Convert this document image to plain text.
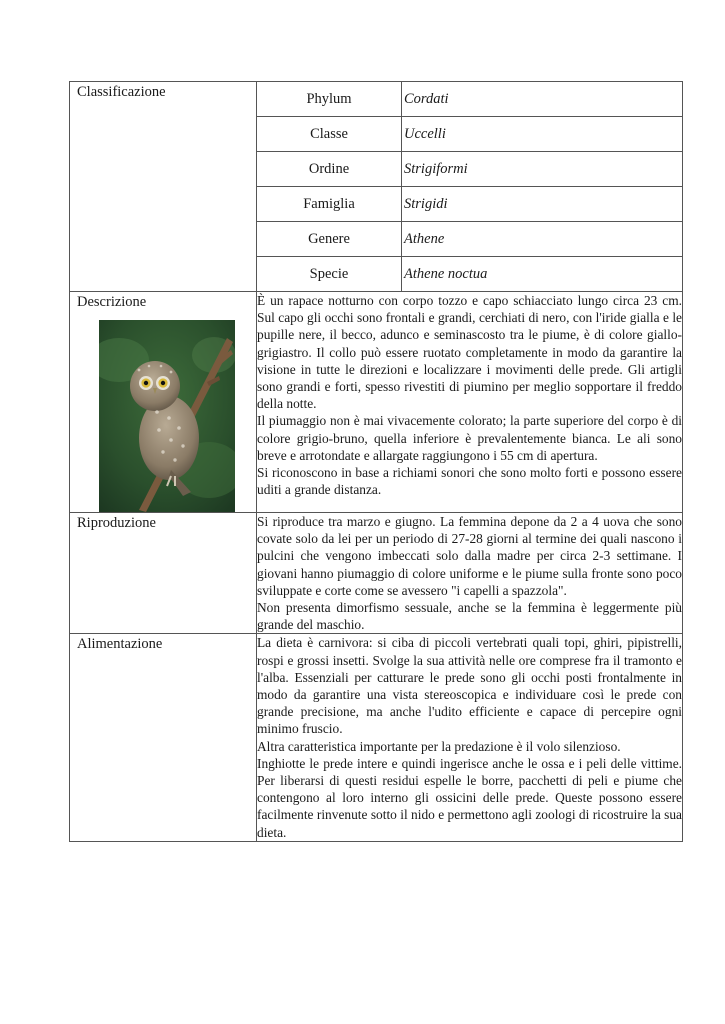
Classificazione		Phylum	Cordati
Classe	Uccelli
Ordine	Strigiformi
Famiglia	Strigidi
Genere	Athene
Specie	Athene noctua

Descrizione	È un rapace notturno con corpo tozzo e capo schiacciato lungo circa 23 cm. Sul capo gli occhi sono frontali e grandi, cerchiati di nero, con l'iride gialla e le pupille nere, il becco, adunco e seminascosto tra le piume, è di colore giallo-grigiastro. Il collo può essere ruotato completamente in modo da garantire la visione in tutte le direzioni e localizzare i movimenti delle prede. Gli artigli sono grandi e forti, spesso rivestiti di piumino per meglio sopportare il freddo della notte.

Il piumaggio non è mai vivacemente colorato; la parte superiore del corpo è di colore grigio-bruno, quella inferiore è prevalentemente bianca. Le ali sono breve e arrotondate e allargate raggiungono i 55 cm di apertura.

Si riconoscono in base a richiami sonori che sono molto forti e possono essere uditi a grande distanza.

Riproduzione	Si riproduce tra marzo e giugno. La femmina depone da 2 a 4 uova che sono covate solo da lei per un periodo di 27-28 giorni al termine dei quali nascono i pulcini che vengono imbeccati solo dalla madre per circa 2-3 settimane. I giovani hanno piumaggio di colore uniforme e le piume sulla fronte sono poco sviluppate e corte come se avessero "i capelli a spazzola".

Non presenta dimorfismo sessuale, anche se la femmina è leggermente più grande del maschio.

Alimentazione	La dieta è carnivora: si ciba di piccoli vertebrati quali topi, ghiri, pipistrelli, rospi e grossi insetti. Svolge la sua attività nelle ore comprese fra il tramonto e l'alba. Essenziali per catturare le prede sono gli occhi posti frontalmente in modo da garantire una vista stereoscopica e individuare così le prede con grande precisione, ma anche l'udito efficiente e capace di percepire ogni minimo fruscio.

Altra caratteristica importante per la predazione è il volo silenzioso.

Inghiotte le prede intere e quindi ingerisce anche le ossa e i peli delle vittime. Per liberarsi di questi residui espelle le borre, pacchetti di peli e piume che contengono al loro interno gli ossicini delle prede. Queste possono essere facilmente rinvenute sotto il nido e permettono agli zoologi di ricostruire la sua dieta.
